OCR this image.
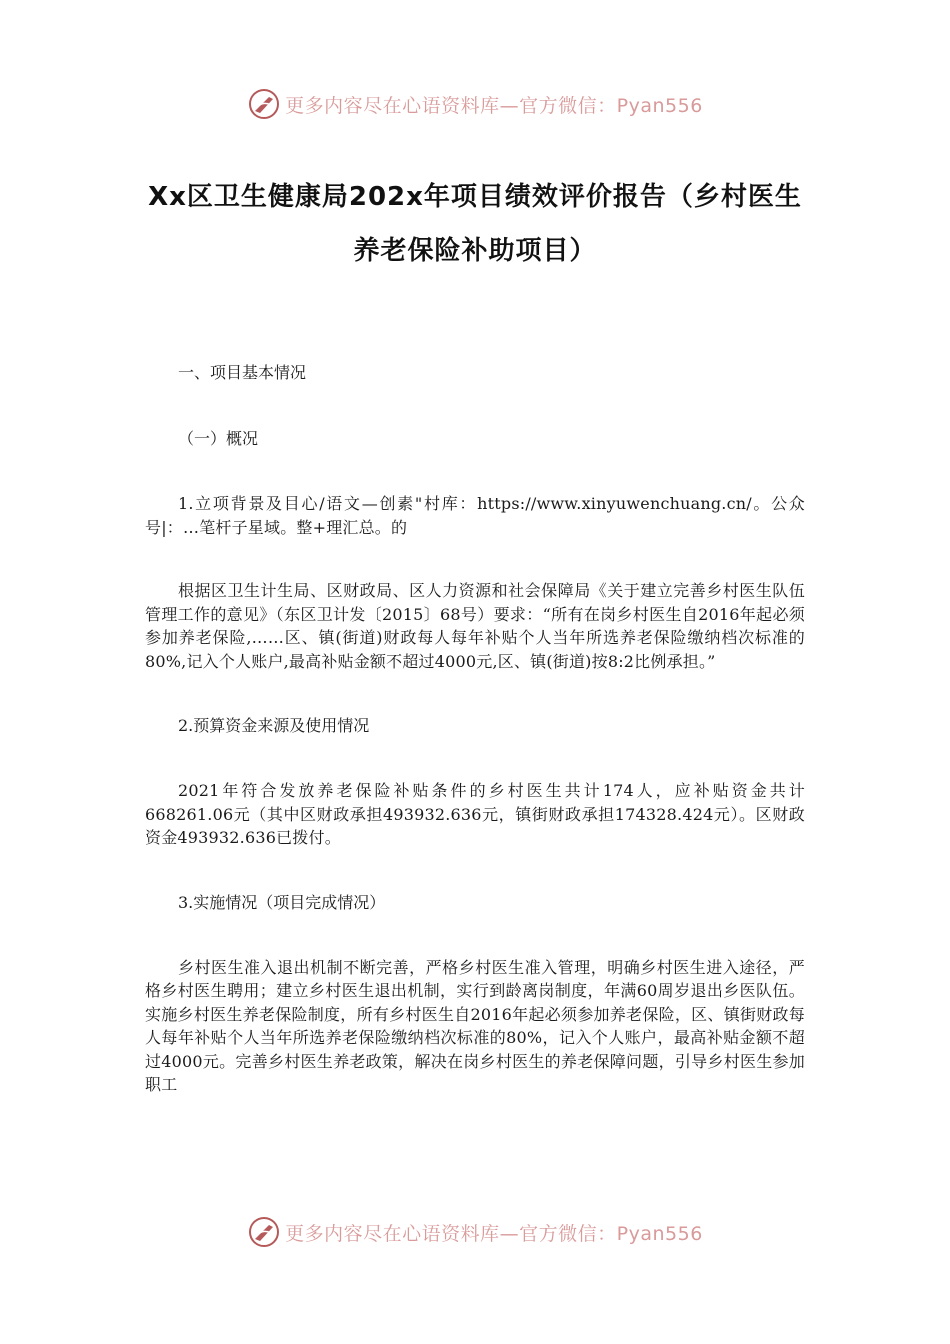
更多内容尽在心语资料库—官方微信：Pyan556
Xx区卫生健康局202x年项目绩效评价报告（乡村医生养老保险补助项目）

一、项目基本情况

（一）概况

1.立项背景及目心/语文—创素"村库：https://www.xinyuwenchuang.cn/。公众号|：…笔杆子星域。整+理汇总。的

根据区卫生计生局、区财政局、区人力资源和社会保障局《关于建立完善乡村医生队伍管理工作的意见》（东区卫计发〔2015〕68号）要求：“所有在岗乡村医生自2016年起必须参加养老保险,……区、镇(街道)财政每人每年补贴个人当年所选养老保险缴纳档次标准的80%,记入个人账户,最高补贴金额不超过4000元,区、镇(街道)按8:2比例承担。”

2.预算资金来源及使用情况

2021年符合发放养老保险补贴条件的乡村医生共计174人，应补贴资金共计668261.06元（其中区财政承担493932.636元，镇街财政承担174328.424元）。区财政资金493932.636已拨付。

3.实施情况（项目完成情况）

乡村医生准入退出机制不断完善，严格乡村医生准入管理，明确乡村医生进入途径，严格乡村医生聘用；建立乡村医生退出机制，实行到龄离岗制度，年满60周岁退出乡医队伍。实施乡村医生养老保险制度，所有乡村医生自2016年起必须参加养老保险，区、镇街财政每人每年补贴个人当年所选养老保险缴纳档次标准的80%，记入个人账户，最高补贴金额不超过4000元。完善乡村医生养老政策，解决在岗乡村医生的养老保障问题，引导乡村医生参加职工

更多内容尽在心语资料库—官方微信：Pyan556
